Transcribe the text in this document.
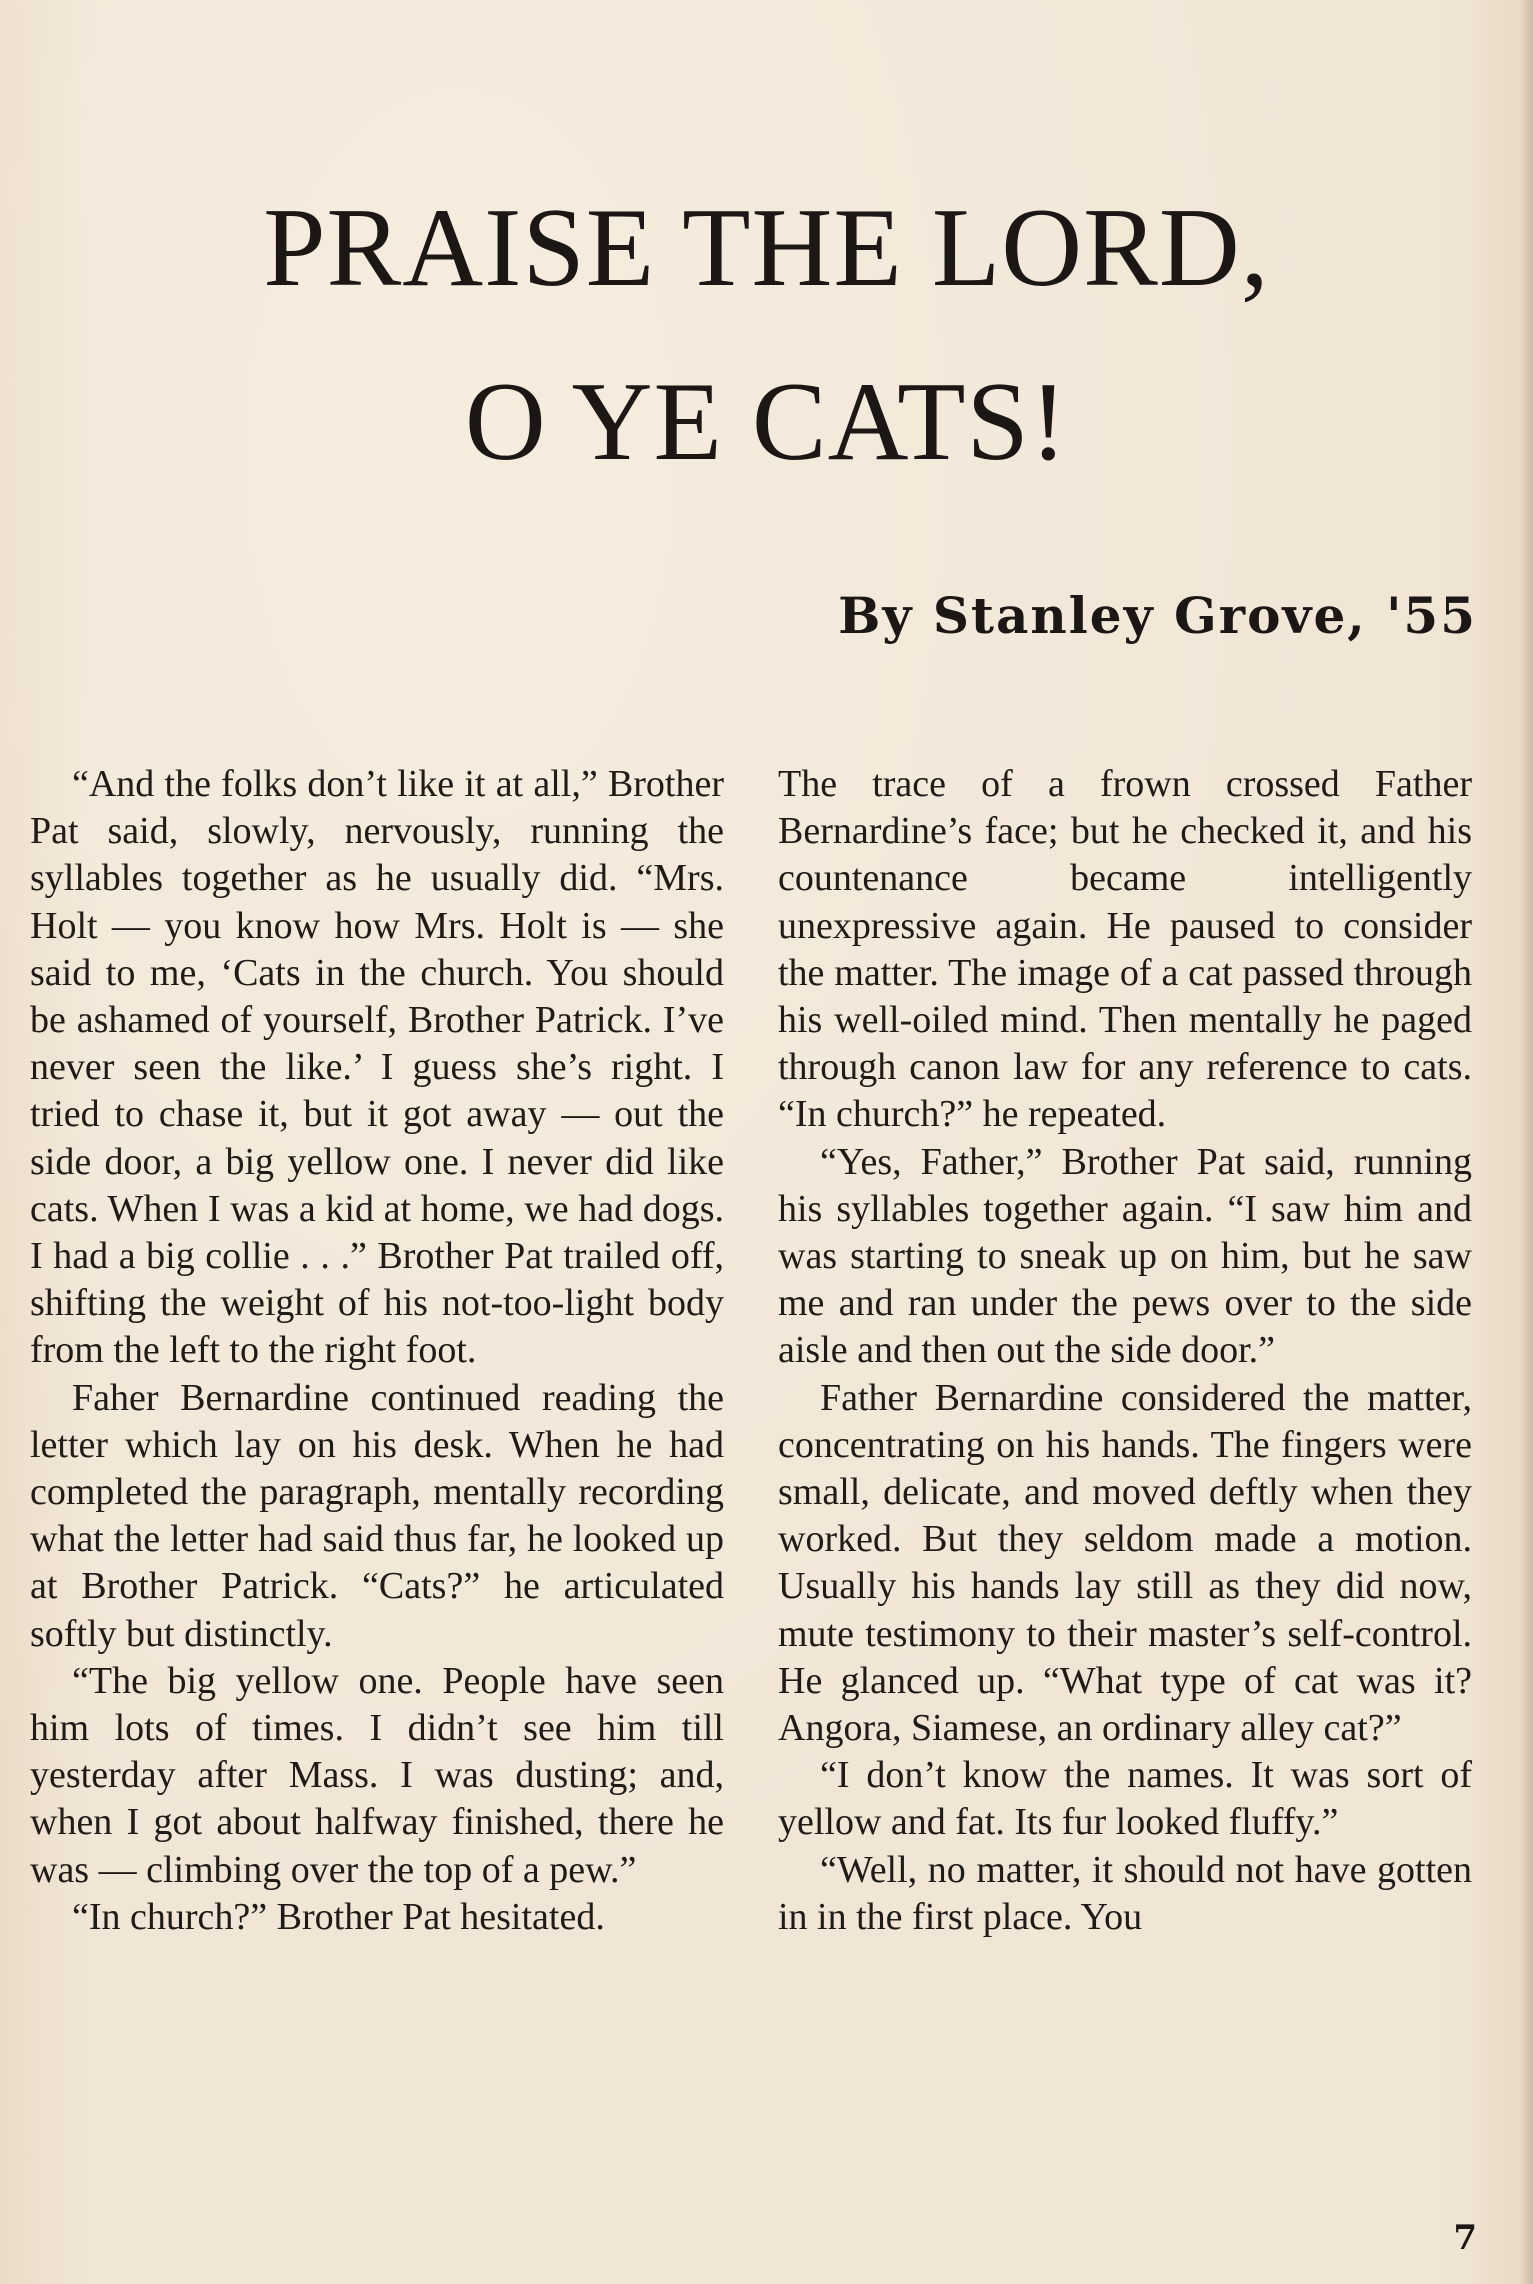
PRAISE THE LORD,
O YE CATS!
By Stanley Grove, '55

“And the folks don’t like it at all,” Brother Pat said, slowly, nervously, running the syllables together as he usually did. “Mrs. Holt — you know how Mrs. Holt is — she said to me, ‘Cats in the church. You should be ashamed of yourself, Brother Patrick. I’ve never seen the like.’ I guess she’s right. I tried to chase it, but it got away — out the side door, a big yellow one. I never did like cats. When I was a kid at home, we had dogs. I had a big collie . . .” Brother Pat trailed off, shifting the weight of his not-too-light body from the left to the right foot.

Faher Bernardine continued reading the letter which lay on his desk. When he had completed the paragraph, mentally recording what the letter had said thus far, he looked up at Brother Patrick. “Cats?” he articulated softly but distinctly.

“The big yellow one. People have seen him lots of times. I didn’t see him till yesterday after Mass. I was dusting; and, when I got about halfway finished, there he was — climbing over the top of a pew.”

“In church?” Brother Pat hesitated.

The trace of a frown crossed Father Bernardine’s face; but he checked it, and his countenance became intelligently unexpressive again. He paused to consider the matter. The image of a cat passed through his well-oiled mind. Then mentally he paged through canon law for any reference to cats. “In church?” he repeated.

“Yes, Father,” Brother Pat said, running his syllables together again. “I saw him and was starting to sneak up on him, but he saw me and ran under the pews over to the side aisle and then out the side door.”

Father Bernardine considered the matter, concentrating on his hands. The fingers were small, delicate, and moved deftly when they worked. But they seldom made a motion. Usually his hands lay still as they did now, mute testimony to their master’s self-control. He glanced up. “What type of cat was it? Angora, Siamese, an ordinary alley cat?”

“I don’t know the names. It was sort of yellow and fat. Its fur looked fluffy.”

“Well, no matter, it should not have gotten in in the first place. You

7
